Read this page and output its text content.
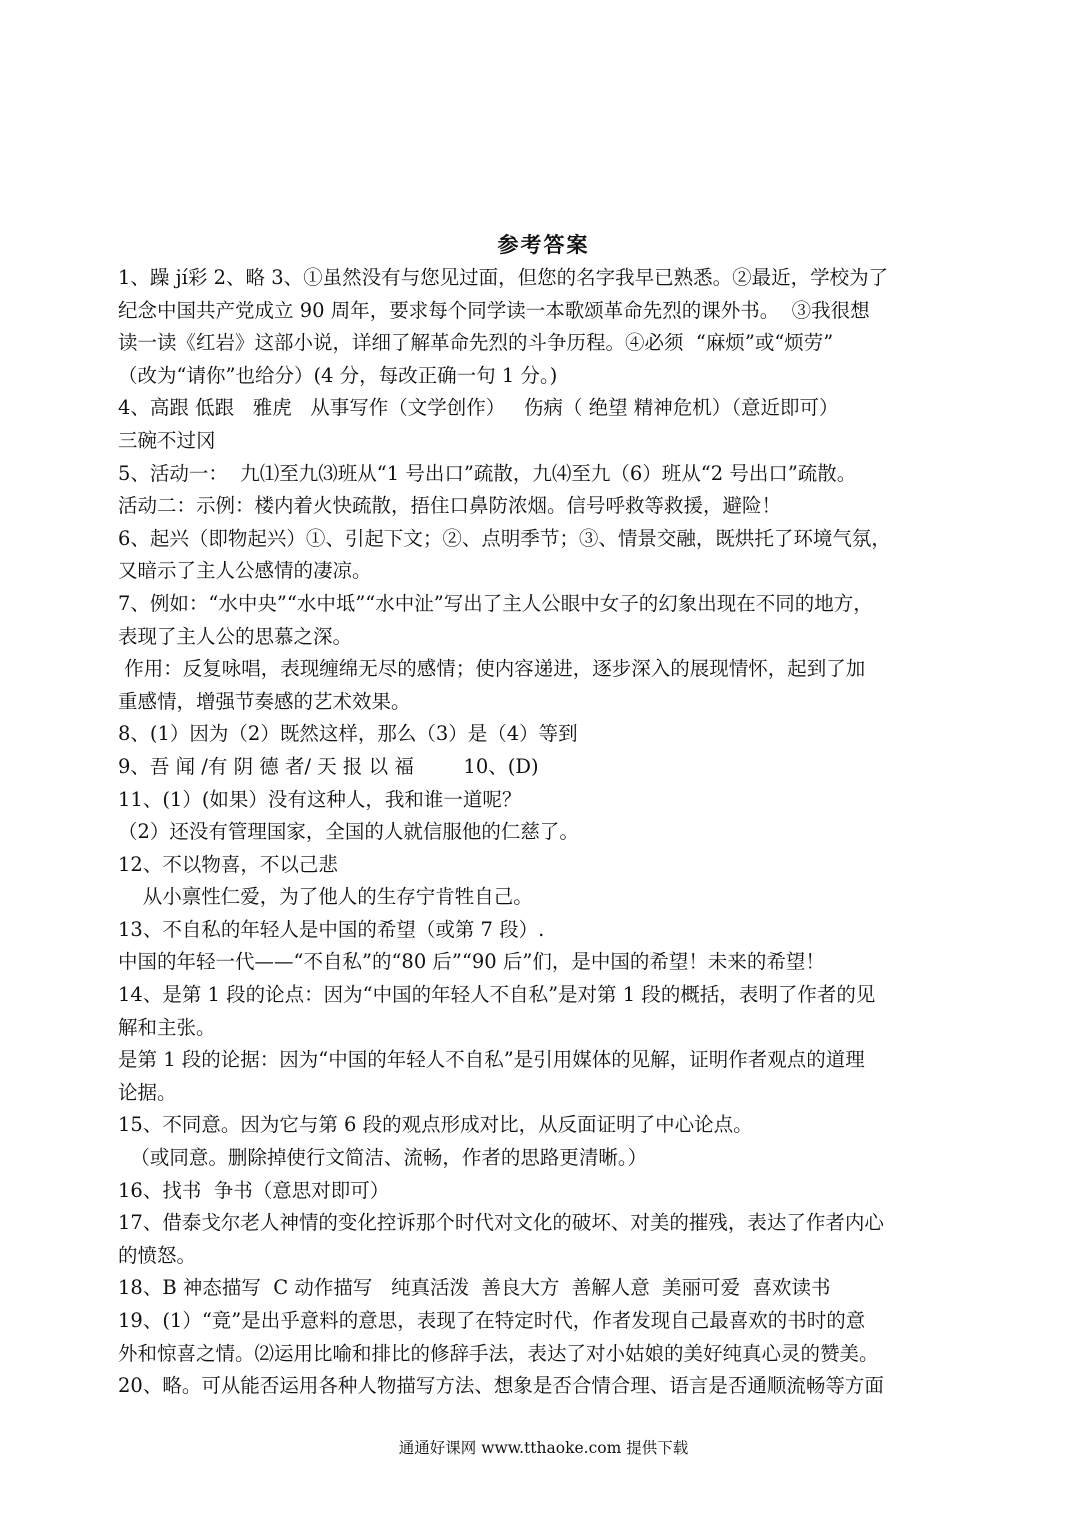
参考答案
1、躁 jí彩 2、略 3、①虽然没有与您见过面，但您的名字我早已熟悉。②最近，学校为了
纪念中国共产党成立 90 周年，要求每个同学读一本歌颂革命先烈的课外书。  ③我很想
读一读《红岩》这部小说，详细了解革命先烈的斗争历程。④必须  “麻烦”或“烦劳”
（改为“请你”也给分）(4 分，每改正确一句 1 分。)
4、高跟 低跟   雅虎   从事写作（文学创作）   伤病（ 绝望 精神危机）（意近即可）
三碗不过冈
5、活动一：  九⑴至九⑶班从“1 号出口”疏散，九⑷至九（6）班从“2 号出口”疏散。
活动二：示例：楼内着火快疏散，捂住口鼻防浓烟。信号呼救等救援，避险！
6、起兴（即物起兴）①、引起下文；②、点明季节；③、情景交融，既烘托了环境气氛，
又暗示了主人公感情的凄凉。
7、例如：“水中央”“水中坻”“水中沚”写出了主人公眼中女子的幻象出现在不同的地方，
表现了主人公的思慕之深。
作用：反复咏唱，表现缠绵无尽的感情；使内容递进，逐步深入的展现情怀，起到了加
重感情，增强节奏感的艺术效果。
8、(1）因为（2）既然这样，那么（3）是（4）等到
9、吾 闻 /有 阴 德 者/ 天 报 以 福        10、(D)
11、(1）(如果）没有这种人，我和谁一道呢？
（2）还没有管理国家，全国的人就信服他的仁慈了。
12、不以物喜，不以己悲
从小禀性仁爱，为了他人的生存宁肯牲自己。
13、不自私的年轻人是中国的希望（或第 7 段）.
中国的年轻一代——“不自私”的“80 后”“90 后”们，是中国的希望！未来的希望！
14、是第 1 段的论点：因为“中国的年轻人不自私”是对第 1 段的概括，表明了作者的见
解和主张。
是第 1 段的论据：因为“中国的年轻人不自私”是引用媒体的见解，证明作者观点的道理
论据。
15、不同意。因为它与第 6 段的观点形成对比，从反面证明了中心论点。
（或同意。删除掉使行文简洁、流畅，作者的思路更清晰。）
16、找书  争书（意思对即可）
17、借泰戈尔老人神情的变化控诉那个时代对文化的破坏、对美的摧残，表达了作者内心
的愤怒。
18、B 神态描写  C 动作描写   纯真活泼  善良大方  善解人意  美丽可爱  喜欢读书
19、(1）“竟”是出乎意料的意思，表现了在特定时代，作者发现自己最喜欢的书时的意
外和惊喜之情。⑵运用比喻和排比的修辞手法，表达了对小姑娘的美好纯真心灵的赞美。
20、略。可从能否运用各种人物描写方法、想象是否合情合理、语言是否通顺流畅等方面
通通好课网 www.tthaoke.com 提供下载
